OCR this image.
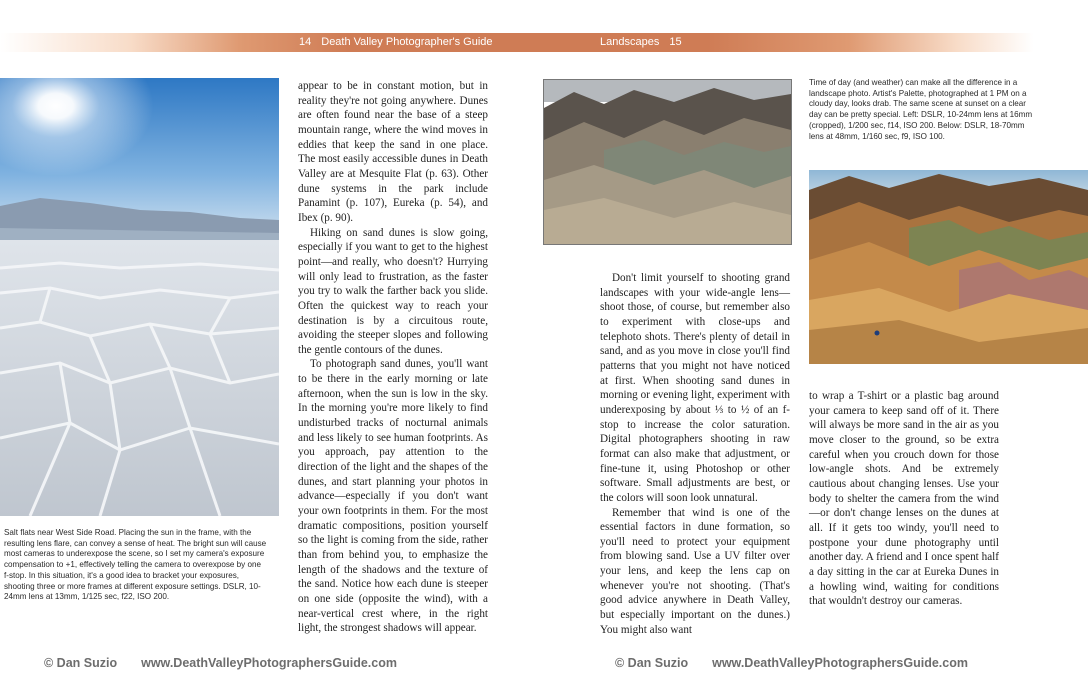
14 Death Valley Photographer's Guide	Landscapes 15
Salt flats near West Side Road. Placing the sun in the frame, with the resulting lens flare, can convey a sense of heat. The bright sun will cause most cameras to underexpose the scene, so I set my camera's exposure compensation to +1, effectively telling the camera to overexpose by one f-stop. In this situation, it's a good idea to bracket your exposures, shooting three or more frames at different exposure settings. DSLR, 10-24mm lens at 13mm, 1/125 sec, f22, ISO 200.

appear to be in constant motion, but in reality they're not going anywhere. Dunes are often found near the base of a steep mountain range, where the wind moves in eddies that keep the sand in one place. The most easily accessible dunes in Death Valley are at Mesquite Flat (p. 63). Other dune systems in the park include Panamint (p. 107), Eureka (p. 54), and Ibex (p. 90).

Hiking on sand dunes is slow going, especially if you want to get to the highest point—and really, who doesn't? Hurrying will only lead to frustration, as the faster you try to walk the farther back you slide. Often the quickest way to reach your destination is by a circuitous route, avoiding the steeper slopes and following the gentle contours of the dunes.

To photograph sand dunes, you'll want to be there in the early morning or late afternoon, when the sun is low in the sky. In the morning you're more likely to find undisturbed tracks of nocturnal animals and less likely to see human footprints. As you approach, pay attention to the direction of the light and the shapes of the dunes, and start planning your photos in advance—especially if you don't want your own footprints in them. For the most dramatic compositions, position yourself so the light is coming from the side, rather than from behind you, to emphasize the length of the shadows and the texture of the sand. Notice how each dune is steeper on one side (opposite the wind), with a near-vertical crest where, in the right light, the strongest shadows will appear.

Don't limit yourself to shooting grand landscapes with your wide-angle lens—shoot those, of course, but remember also to experiment with close-ups and telephoto shots. There's plenty of detail in sand, and as you move in close you'll find patterns that you might not have noticed at first. When shooting sand dunes in morning or evening light, experiment with underexposing by about ⅓ to ½ of an f-stop to increase the color saturation. Digital photographers shooting in raw format can also make that adjustment, or fine-tune it, using Photoshop or other software. Small adjustments are best, or the colors will soon look unnatural.

Remember that wind is one of the essential factors in dune formation, so you'll need to protect your equipment from blowing sand. Use a UV filter over your lens, and keep the lens cap on whenever you're not shooting. (That's good advice anywhere in Death Valley, but especially important on the dunes.) You might also want

Time of day (and weather) can make all the difference in a landscape photo. Artist's Palette, photographed at 1 PM on a cloudy day, looks drab. The same scene at sunset on a clear day can be pretty special. Left: DSLR, 10-24mm lens at 16mm (cropped), 1/200 sec, f14, ISO 200. Below: DSLR, 18-70mm lens at 48mm, 1/160 sec, f9, ISO 100.

to wrap a T-shirt or a plastic bag around your camera to keep sand off of it. There will always be more sand in the air as you move closer to the ground, so be extra careful when you crouch down for those low-angle shots. And be extremely cautious about changing lenses. Use your body to shelter the camera from the wind—or don't change lenses on the dunes at all. If it gets too windy, you'll need to postpone your dune photography until another day. A friend and I once spent half a day sitting in the car at Eureka Dunes in a howling wind, waiting for conditions that wouldn't destroy our cameras.

© Dan Suzio www.DeathValleyPhotographersGuide.com	© Dan Suzio www.DeathValleyPhotographersGuide.com
